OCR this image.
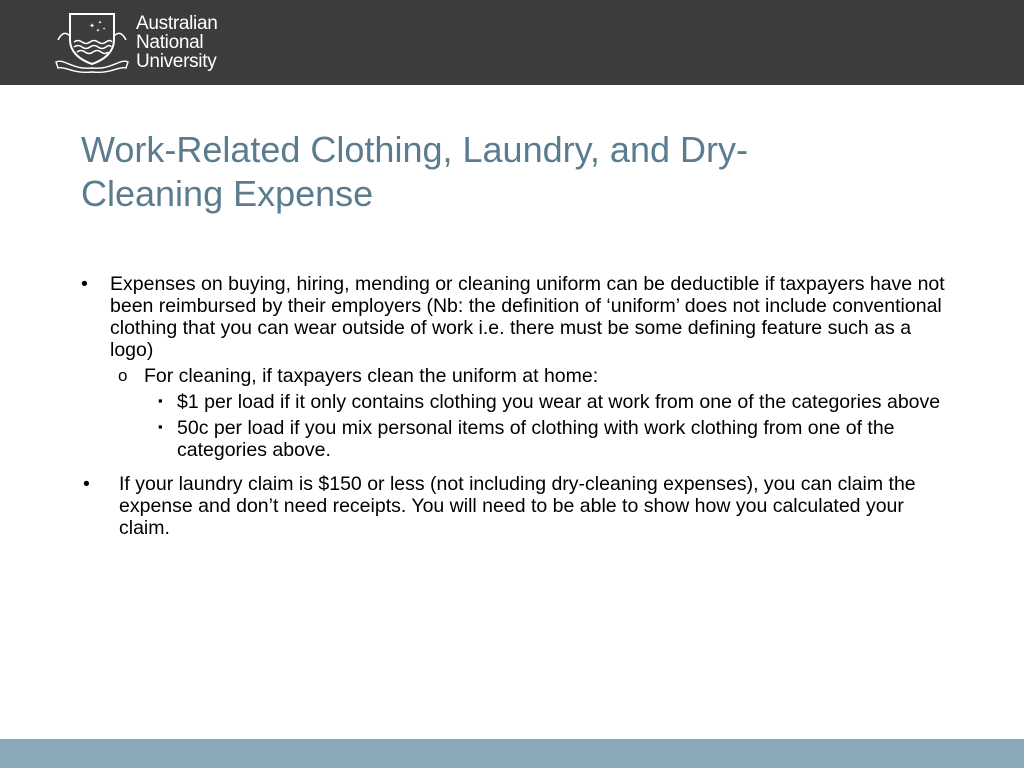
✦ ✦
✦ ✦ Australian
National
University
Work-Related Clothing, Laundry, and Dry-Cleaning Expense
• Expenses on buying, hiring, mending or cleaning uniform can be deductible if taxpayers have not been reimbursed by their employers (Nb: the definition of ‘uniform’ does not include conventional clothing that you can wear outside of work i.e. there must be some defining feature such as a logo)
o For cleaning, if taxpayers clean the uniform at home:
▪ $1 per load if it only contains clothing you wear at work from one of the categories above
▪ 50c per load if you mix personal items of clothing with work clothing from one of the categories above.
• If your laundry claim is $150 or less (not including dry-cleaning expenses), you can claim the expense and don’t need receipts. You will need to be able to show how you calculated your claim.
